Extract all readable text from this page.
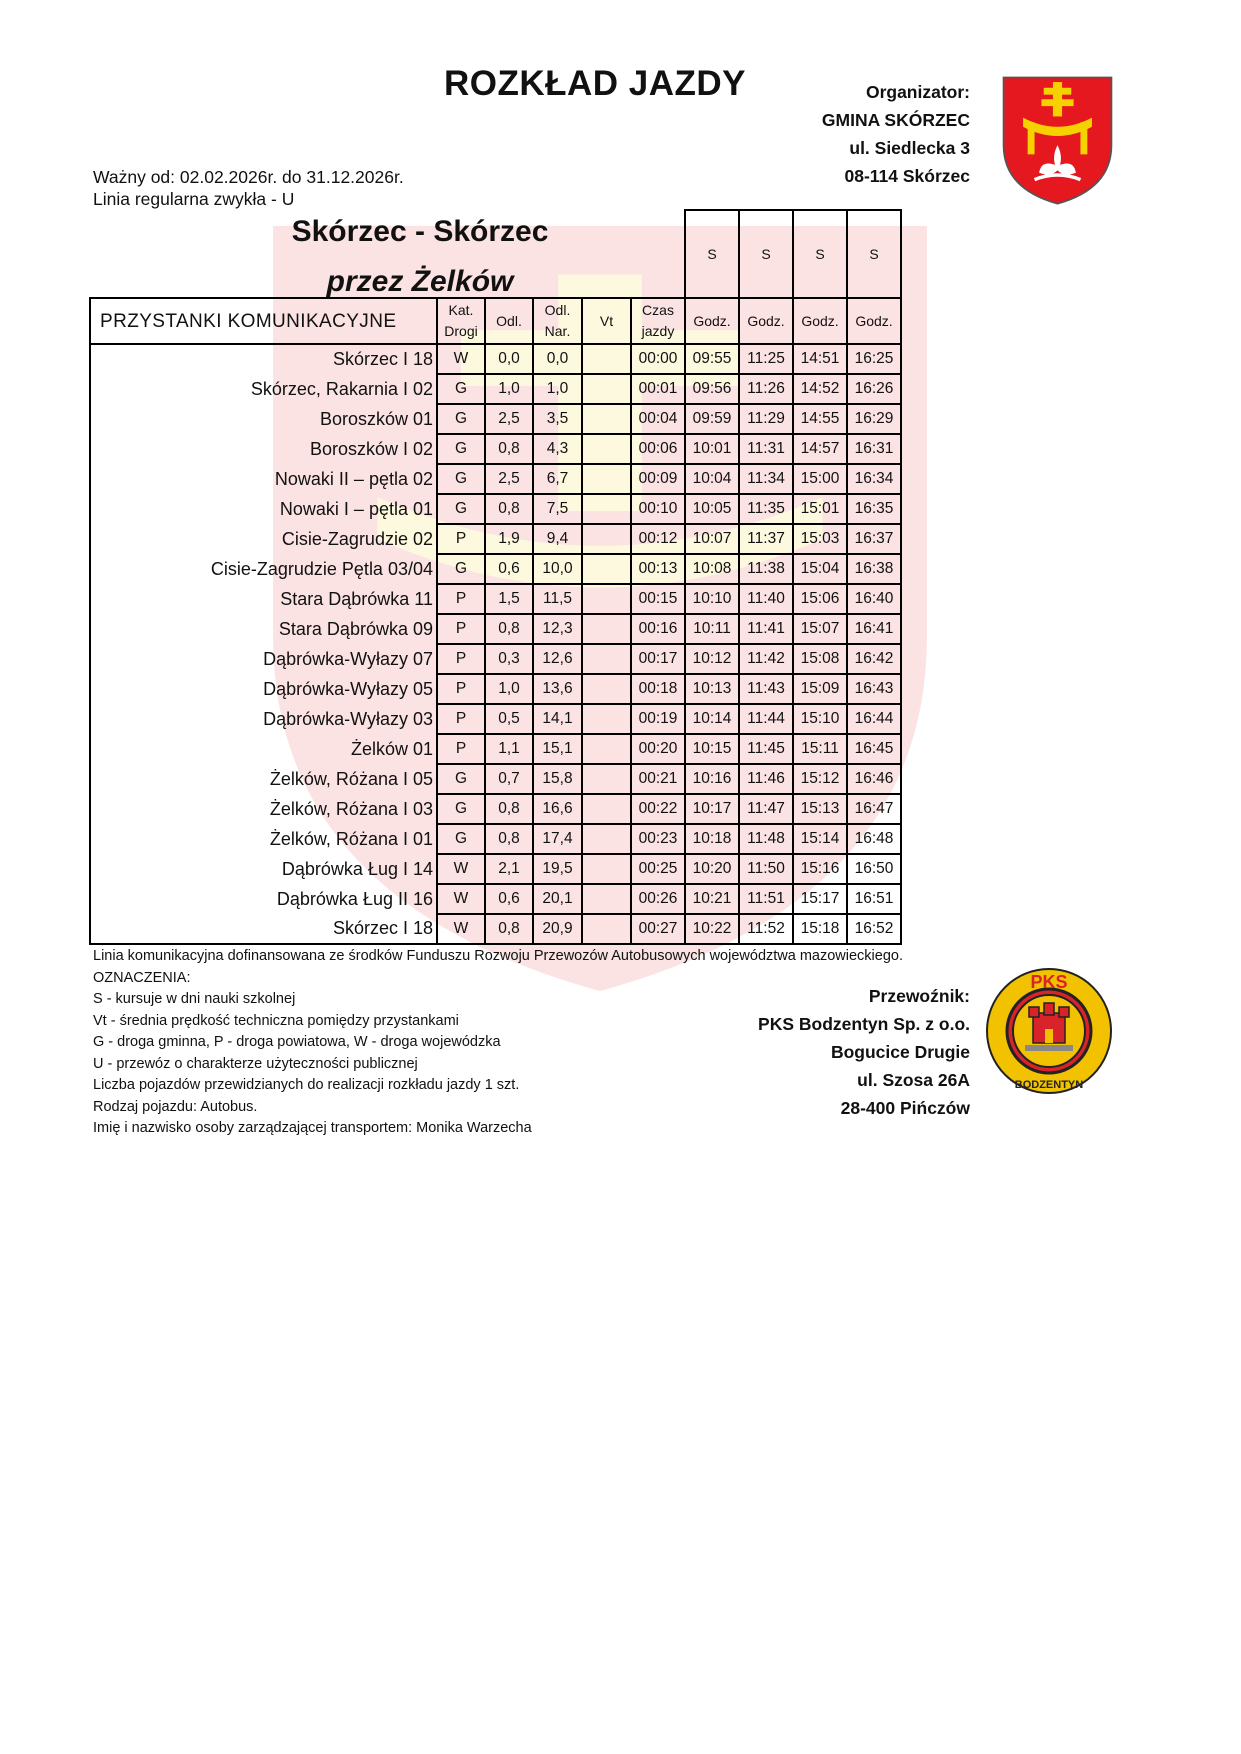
ROZKŁAD JAZDY	Organizator:
GMINA SKÓRZEC
ul. Siedlecka 3
08-114 Skórzec
Ważny od: 02.02.2026r. do 31.12.2026r.
Linia regularna zwykła - U
Skórzec - Skórzec
przez Żelków
						S	S	S	S
PRZYSTANKI KOMUNIKACYJNE	Kat.
Drogi	Odl.	Odl.
Nar.	Vt	Czas
jazdy	Godz.	Godz.	Godz.	Godz.
Skórzec I 18	W	0,0	0,0		00:00	09:55	11:25	14:51	16:25
Skórzec, Rakarnia I 02	G	1,0	1,0		00:01	09:56	11:26	14:52	16:26
Boroszków 01	G	2,5	3,5		00:04	09:59	11:29	14:55	16:29
Boroszków I 02	G	0,8	4,3		00:06	10:01	11:31	14:57	16:31
Nowaki II – pętla 02	G	2,5	6,7		00:09	10:04	11:34	15:00	16:34
Nowaki I – pętla 01	G	0,8	7,5		00:10	10:05	11:35	15:01	16:35
Cisie-Zagrudzie 02	P	1,9	9,4		00:12	10:07	11:37	15:03	16:37
Cisie-Zagrudzie Pętla 03/04	G	0,6	10,0		00:13	10:08	11:38	15:04	16:38
Stara Dąbrówka 11	P	1,5	11,5		00:15	10:10	11:40	15:06	16:40
Stara Dąbrówka 09	P	0,8	12,3		00:16	10:11	11:41	15:07	16:41
Dąbrówka-Wyłazy 07	P	0,3	12,6		00:17	10:12	11:42	15:08	16:42
Dąbrówka-Wyłazy 05	P	1,0	13,6		00:18	10:13	11:43	15:09	16:43
Dąbrówka-Wyłazy 03	P	0,5	14,1		00:19	10:14	11:44	15:10	16:44
Żelków 01	P	1,1	15,1		00:20	10:15	11:45	15:11	16:45
Żelków, Różana I 05	G	0,7	15,8		00:21	10:16	11:46	15:12	16:46
Żelków, Różana I 03	G	0,8	16,6		00:22	10:17	11:47	15:13	16:47
Żelków, Różana I 01	G	0,8	17,4		00:23	10:18	11:48	15:14	16:48
Dąbrówka Ług I 14	W	2,1	19,5		00:25	10:20	11:50	15:16	16:50
Dąbrówka Ług II 16	W	0,6	20,1		00:26	10:21	11:51	15:17	16:51
Skórzec I 18	W	0,8	20,9		00:27	10:22	11:52	15:18	16:52
Linia komunikacyjna dofinansowana ze środków Funduszu Rozwoju Przewozów Autobusowych województwa mazowieckiego.
OZNACZENIA:
S - kursuje w dni nauki szkolnej
Vt - średnia prędkość techniczna pomiędzy przystankami
G - droga gminna, P - droga powiatowa, W - droga wojewódzka
U - przewóz o charakterze użyteczności publicznej
Liczba pojazdów przewidzianych do realizacji rozkładu jazdy 1 szt.
Rodzaj pojazdu: Autobus.
Imię i nazwisko osoby zarządzającej transportem: Monika Warzecha
Przewoźnik:
PKS Bodzentyn Sp. z o.o.
Bogucice Drugie
ul. Szosa 26A
28-400 Pińczów
PKS
BODZENTYN
